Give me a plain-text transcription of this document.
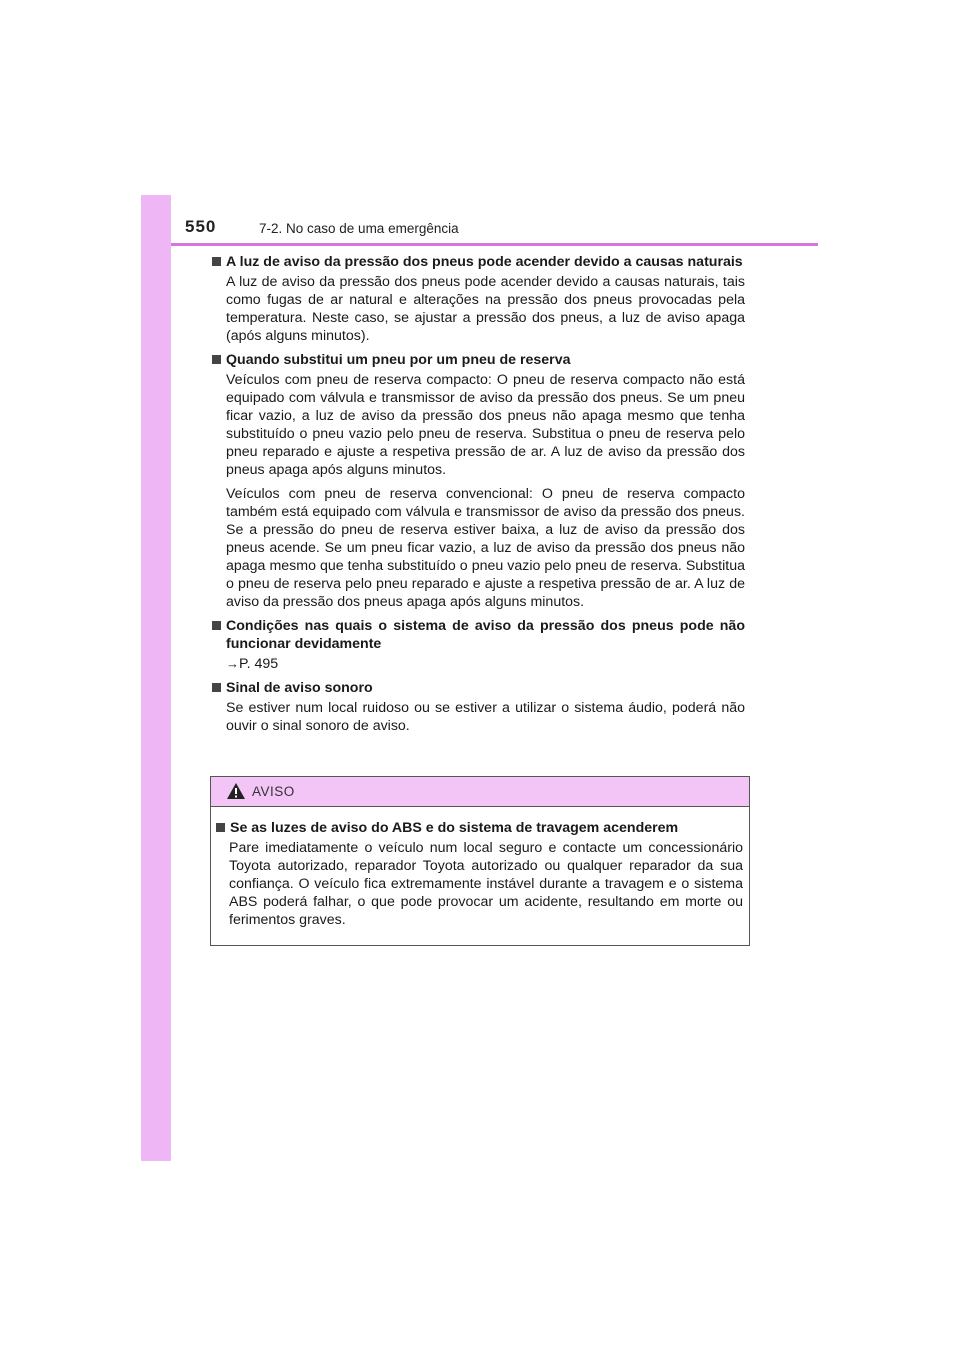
550	7-2. No caso de uma emergência
A luz de aviso da pressão dos pneus pode acender devido a causas naturais
A luz de aviso da pressão dos pneus pode acender devido a causas naturais, tais como fugas de ar natural e alterações na pressão dos pneus provocadas pela temperatura. Neste caso, se ajustar a pressão dos pneus, a luz de aviso apaga (após alguns minutos).
Quando substitui um pneu por um pneu de reserva
Veículos com pneu de reserva compacto: O pneu de reserva compacto não está equipado com válvula e transmissor de aviso da pressão dos pneus. Se um pneu ficar vazio, a luz de aviso da pressão dos pneus não apaga mesmo que tenha substituído o pneu vazio pelo pneu de reserva. Substitua o pneu de reserva pelo pneu reparado e ajuste a respetiva pressão de ar. A luz de aviso da pressão dos pneus apaga após alguns minutos.
Veículos com pneu de reserva convencional: O pneu de reserva compacto também está equipado com válvula e transmissor de aviso da pressão dos pneus. Se a pressão do pneu de reserva estiver baixa, a luz de aviso da pressão dos pneus acende. Se um pneu ficar vazio, a luz de aviso da pressão dos pneus não apaga mesmo que tenha substituído o pneu vazio pelo pneu de reserva. Substitua o pneu de reserva pelo pneu reparado e ajuste a respetiva pressão de ar. A luz de aviso da pressão dos pneus apaga após alguns minutos.
Condições nas quais o sistema de aviso da pressão dos pneus pode não funcionar devidamente
→P. 495
Sinal de aviso sonoro
Se estiver num local ruidoso ou se estiver a utilizar o sistema áudio, poderá não ouvir o sinal sonoro de aviso.
AVISO
Se as luzes de aviso do ABS e do sistema de travagem acenderem
Pare imediatamente o veículo num local seguro e contacte um concessionário Toyota autorizado, reparador Toyota autorizado ou qualquer reparador da sua confiança. O veículo fica extremamente instável durante a travagem e o sistema ABS poderá falhar, o que pode provocar um acidente, resultando em morte ou ferimentos graves.
